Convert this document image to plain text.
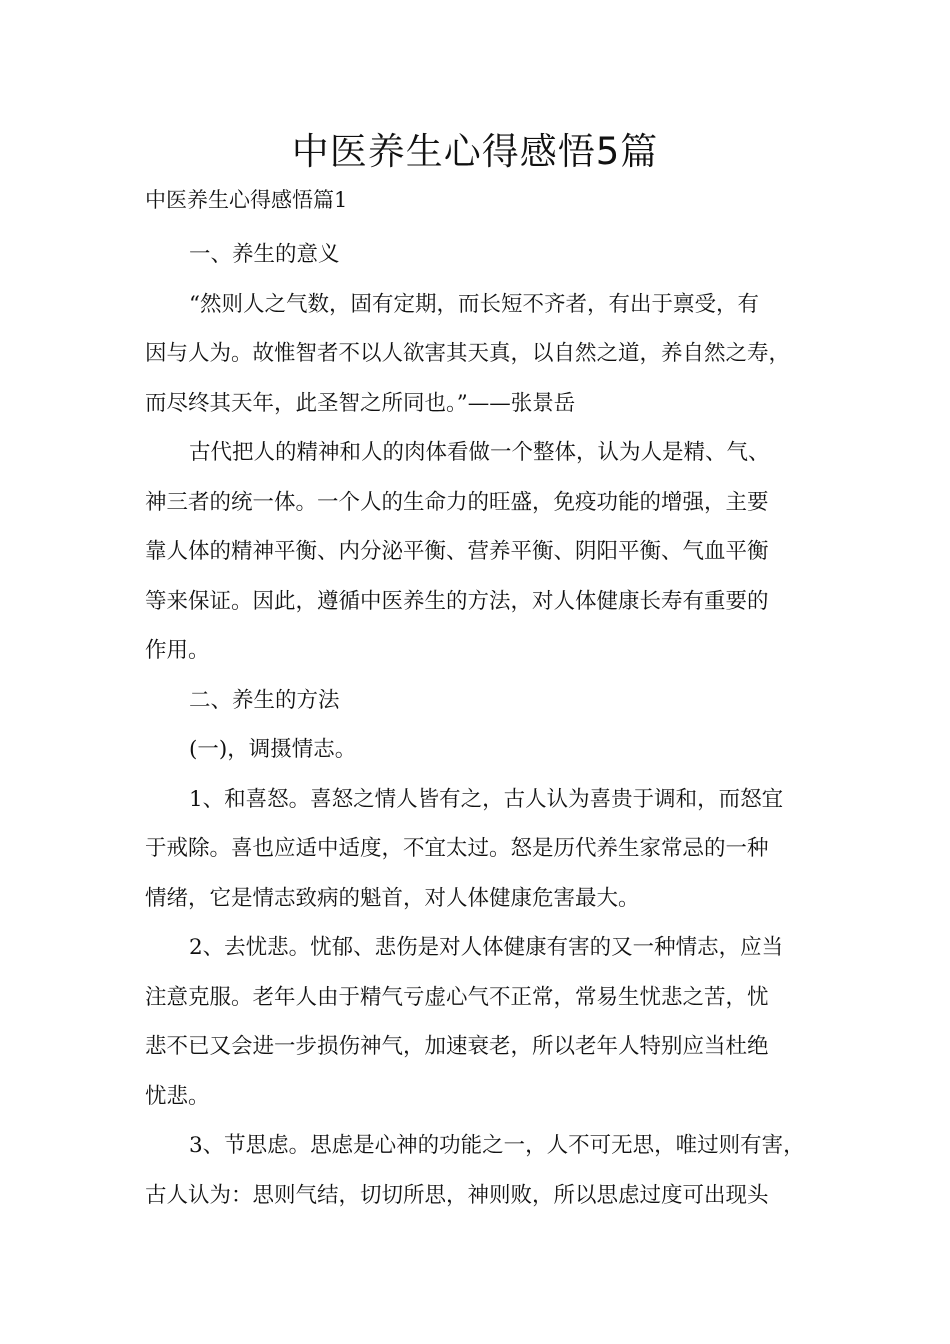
中医养生心得感悟5篇
中医养生心得感悟篇1

一、养生的意义

“然则人之气数，固有定期，而长短不齐者，有出于禀受，有
因与人为。故惟智者不以人欲害其天真，以自然之道，养自然之寿，
而尽终其天年，此圣智之所同也。”——张景岳

古代把人的精神和人的肉体看做一个整体，认为人是精、气、
神三者的统一体。一个人的生命力的旺盛，免疫功能的增强，主要
靠人体的精神平衡、内分泌平衡、营养平衡、阴阳平衡、气血平衡
等来保证。因此，遵循中医养生的方法，对人体健康长寿有重要的
作用。

二、养生的方法

(一)，调摄情志。

1、和喜怒。喜怒之情人皆有之，古人认为喜贵于调和，而怒宜
于戒除。喜也应适中适度，不宜太过。怒是历代养生家常忌的一种
情绪，它是情志致病的魁首，对人体健康危害最大。

2、去忧悲。忧郁、悲伤是对人体健康有害的又一种情志，应当
注意克服。老年人由于精气亏虚心气不正常，常易生忧悲之苦，忧
悲不已又会进一步损伤神气，加速衰老，所以老年人特别应当杜绝
忧悲。

3、节思虑。思虑是心神的功能之一，人不可无思，唯过则有害，
古人认为：思则气结，切切所思，神则败，所以思虑过度可出现头
